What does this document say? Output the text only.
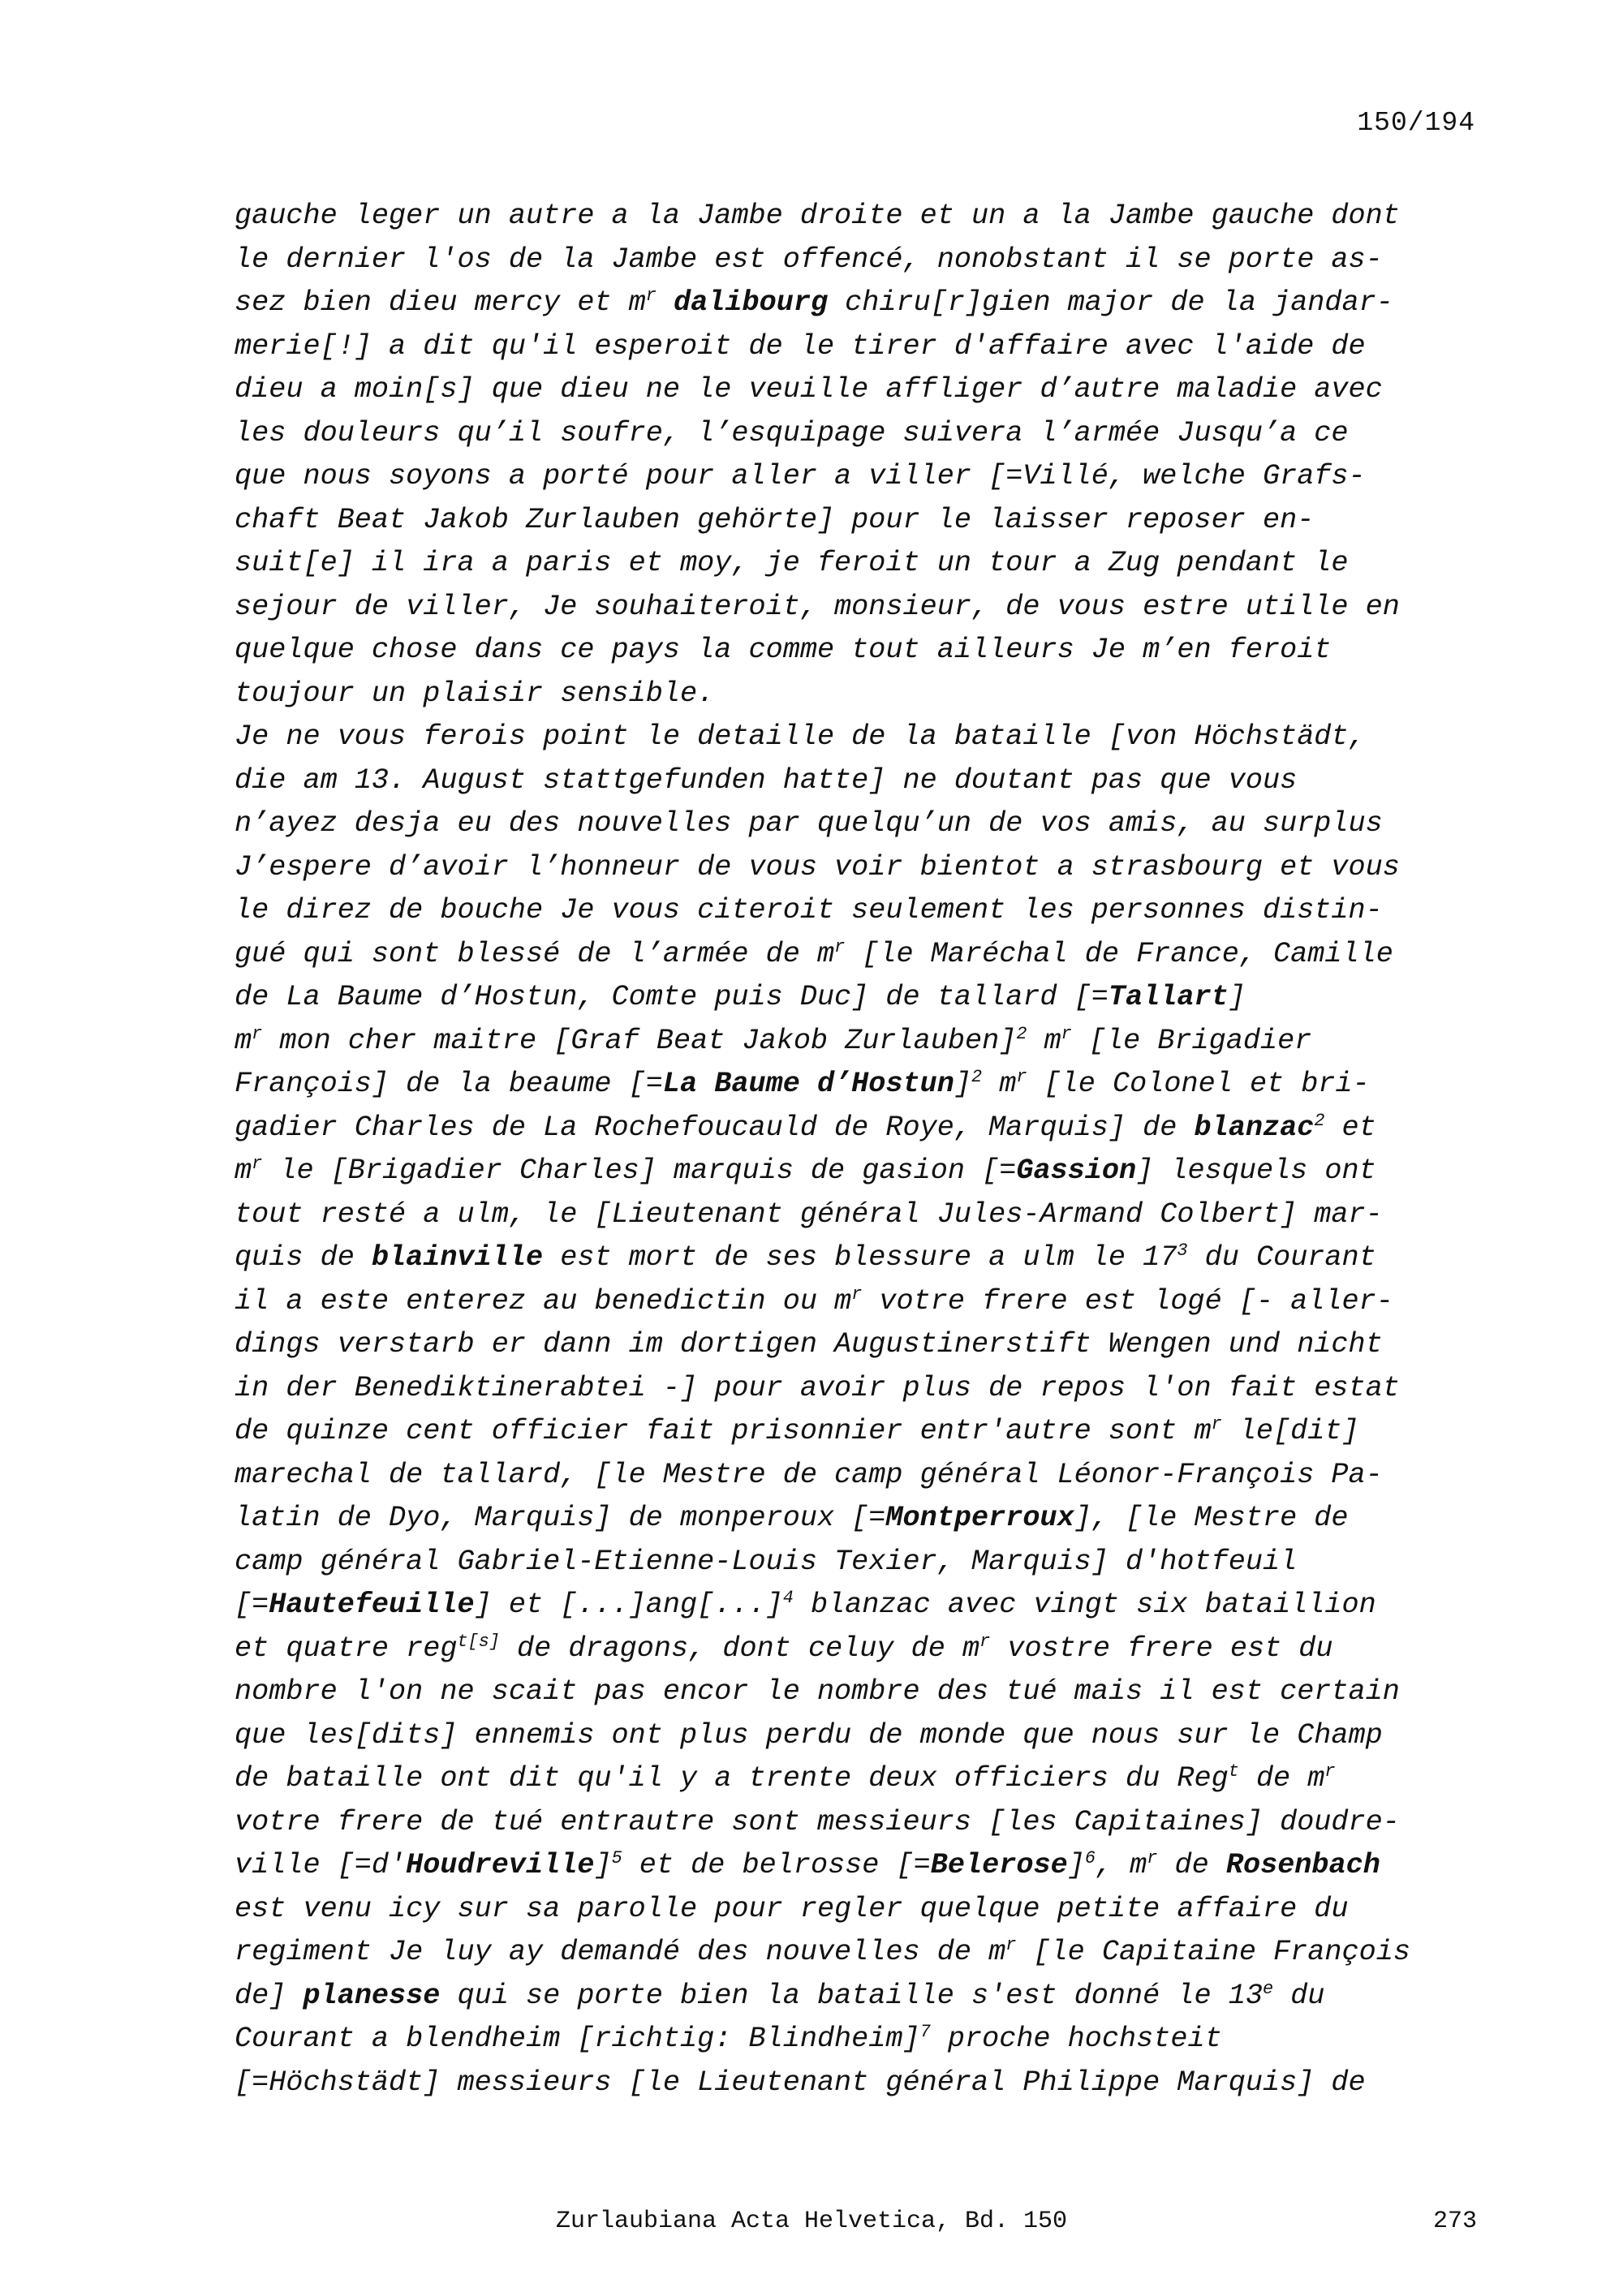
150/194
gauche leger un autre a la Jambe droite et un a la Jambe gauche dont
le dernier l'os de la Jambe est offencé, nonobstant il se porte as-
sez bien dieu mercy et $m^r$ dalibourg chiru[r]gien major de la jandar-
merie[!] a dit qu'il esperoit de le tirer d'affaire avec l'aide de
dieu a moin[s] que dieu ne le veuille affliger d’autre maladie avec
les douleurs qu’il soufre, l’esquipage suivera l’armée Jusqu’a ce
que nous soyons a porté pour aller a viller [=Villé, welche Grafs-
chaft Beat Jakob Zurlauben gehörte] pour le laisser reposer en-
suit[e] il ira a paris et moy, je feroit un tour a Zug pendant le
sejour de viller, Je souhaiteroit, monsieur, de vous estre utille en
quelque chose dans ce pays la comme tout ailleurs Je m’en feroit
toujour un plaisir sensible.
Je ne vous ferois point le detaille de la bataille [von Höchstädt,
die am 13. August stattgefunden hatte] ne doutant pas que vous
n’ayez desja eu des nouvelles par quelqu’un de vos amis, au surplus
J’espere d’avoir l’honneur de vous voir bientot a strasbourg et vous
le direz de bouche Je vous citeroit seulement les personnes distin-
gué qui sont blessé de l’armée de $m^r$ [le Maréchal de France, Camille
de La Baume d’Hostun, Comte puis Duc] de tallard [=Tallart]
$m^r$ mon cher maitre [Graf Beat Jakob Zurlauben]$^2$ $m^r$ [le Brigadier
François] de la beaume [=La Baume d’Hostun]$^2$ $m^r$ [le Colonel et bri-
gadier Charles de La Rochefoucauld de Roye, Marquis] de blanzac$^2$ et
$m^r$ le [Brigadier Charles] marquis de gasion [=Gassion] lesquels ont
tout resté a ulm, le [Lieutenant général Jules-Armand Colbert] mar-
quis de blainville est mort de ses blessure a ulm le $17^3$ du Courant
il a este enterez au benedictin ou $m^r$ votre frere est logé [- aller-
dings verstarb er dann im dortigen Augustinerstift Wengen und nicht
in der Benediktinerabtei -] pour avoir plus de repos l'on fait estat
de quinze cent officier fait prisonnier entr'autre sont $m^r$ le[dit]
marechal de tallard, [le Mestre de camp général Léonor-François Pa-
latin de Dyo, Marquis] de monperoux [=Montperroux], [le Mestre de
camp général Gabriel-Etienne-Louis Texier, Marquis] d'hotfeuil
[=Hautefeuille] et [...]ang[...]$^4$ blanzac avec vingt six bataillion
et quatre reg$^{t[s]}$ de dragons, dont celuy de $m^r$ vostre frere est du
nombre l'on ne scait pas encor le nombre des tué mais il est certain
que les[dits] ennemis ont plus perdu de monde que nous sur le Champ
de bataille ont dit qu'il y a trente deux officiers du Reg$^t$ de $m^r$
votre frere de tué entrautre sont messieurs [les Capitaines] doudre-
ville [=d'Houdreville]$^5$ et de belrosse [=Belerose]$^6$, $m^r$ de Rosenbach
est venu icy sur sa parolle pour regler quelque petite affaire du
regiment Je luy ay demandé des nouvelles de $m^r$ [le Capitaine François
de] planesse qui se porte bien la bataille s'est donné le 13e du
Courant a blendheim [richtig: Blindheim]$^7$ proche hochsteit
[=Höchstädt] messieurs [le Lieutenant général Philippe Marquis] de
Zurlaubiana Acta Helvetica, Bd. 150	273
